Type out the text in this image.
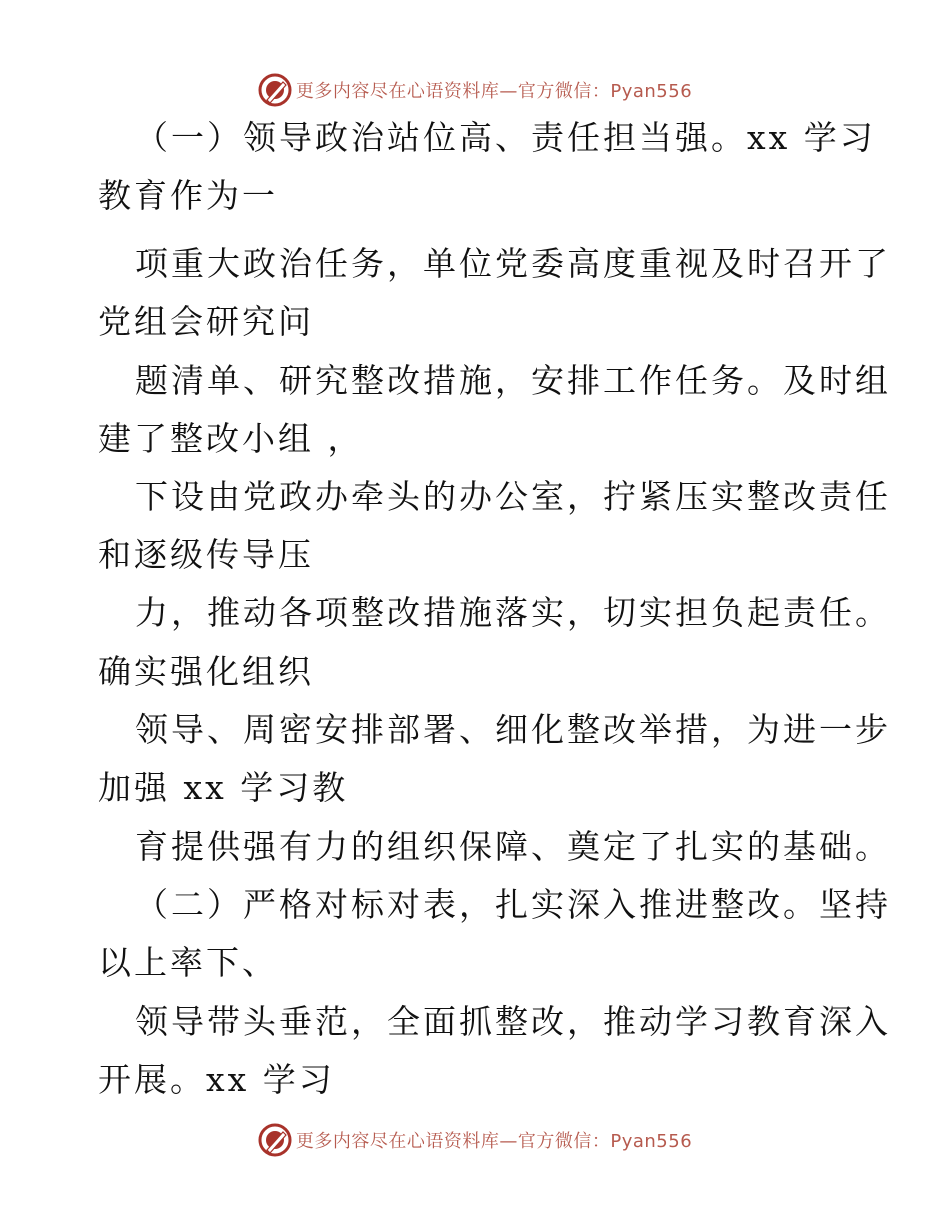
更多内容尽在心语资料库—官方微信：Pyan556
（一）领导政治站位高、责任担当强。xx 学习
教育作为一
项重大政治任务，单位党委高度重视及时召开了
党组会研究问
题清单、研究整改措施，安排工作任务。及时组
建了整改小组 ，
下设由党政办牵头的办公室，拧紧压实整改责任
和逐级传导压
力，推动各项整改措施落实，切实担负起责任。
确实强化组织
领导、周密安排部署、细化整改举措，为进一步
加强 xx 学习教
育提供强有力的组织保障、奠定了扎实的基础。
（二）严格对标对表，扎实深入推进整改。坚持
以上率下、
领导带头垂范，全面抓整改，推动学习教育深入
开展。xx 学习
更多内容尽在心语资料库—官方微信：Pyan556
